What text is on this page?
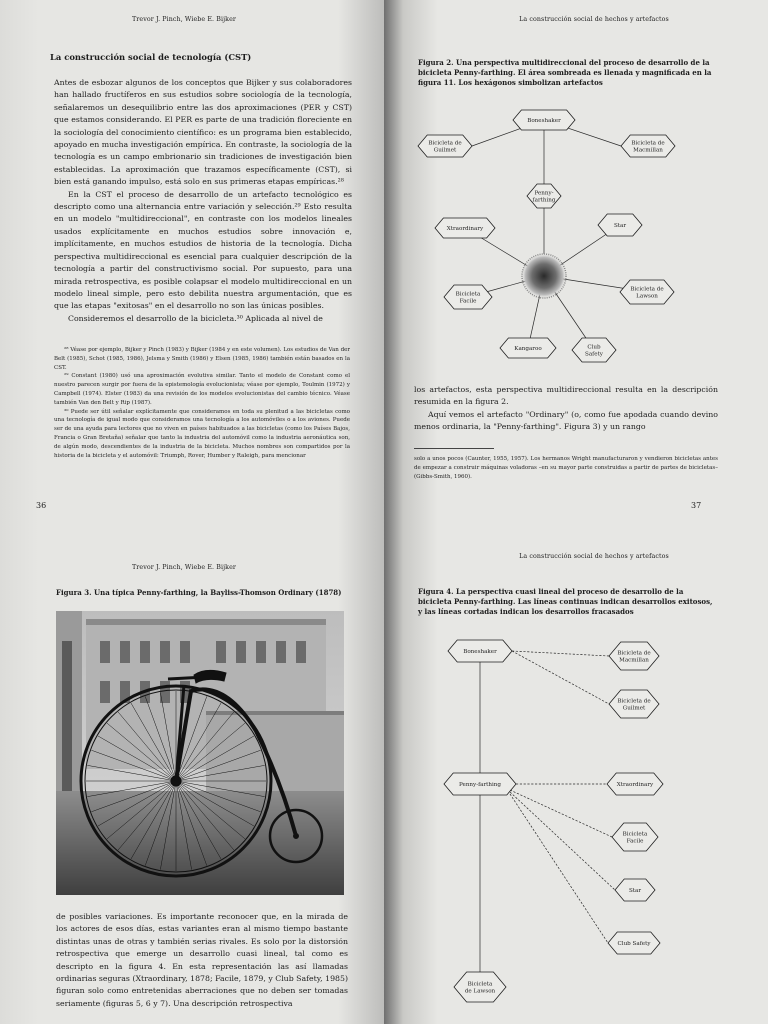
Trevor J. Pinch, Wiebe E. Bijker
La construcción social de tecnología (CST)

Antes de esbozar algunos de los conceptos que Bijker y sus colaboradores han hallado fructíferos en sus estudios sobre sociología de la tecnología, señalaremos un desequilibrio entre las dos aproximaciones (PER y CST) que estamos considerando. El PER es parte de una tradición floreciente en la sociología del conocimiento científico: es un programa bien establecido, apoyado en mucha investigación empírica. En contraste, la sociología de la tecnología es un campo embrionario sin tradiciones de investigación bien establecidas. La aproximación que trazamos específicamente (CST), si bien está ganando impulso, está solo en sus primeras etapas empíricas.²⁸

En la CST el proceso de desarrollo de un artefacto tecnológico es descripto como una alternancia entre variación y selección.²⁹ Esto resulta en un modelo "multidireccional", en contraste con los modelos lineales usados explícitamente en muchos estudios sobre innovación e, implícitamente, en muchos estudios de historia de la tecnología. Dicha perspectiva multidireccional es esencial para cualquier descripción de la tecnología a partir del constructivismo social. Por supuesto, para una mirada retrospectiva, es posible colapsar el modelo multidireccional en un modelo lineal simple, pero esto debilita nuestra argumentación, que es que las etapas "exitosas" en el desarrollo no son las únicas posibles.

Consideremos el desarrollo de la bicicleta.³⁰ Aplicada al nivel de

²⁸ Véase por ejemplo, Bijker y Pinch (1983) y Bijker (1984 y en este volumen). Los estudios de Van der Belt (1985), Schot (1985, 1986), Jelsma y Smith (1986) y Elsen (1985, 1986) también están basados en la CST.

²⁹ Constant (1980) usó una aproximación evolutiva similar. Tanto el modelo de Constant como el nuestro parecen surgir por fuera de la epistemología evolucionista; véase por ejemplo, Toulmin (1972) y Campbell (1974). Elster (1983) da una revisión de los modelos evolucionistas del cambio técnico. Véase también Van den Belt y Rip (1987).

³⁰ Puede ser útil señalar explícitamente que consideramos en toda su plenitud a las bicicletas como una tecnología de igual modo que consideramos una tecnología a los automóviles o a los aviones. Puede ser de una ayuda para lectores que no viven en países habituados a las bicicletas (como los Países Bajos, Francia o Gran Bretaña) señalar que tanto la industria del automóvil como la industria aeronáutica son, de algún modo, descendientes de la industria de la bicicleta. Muchos nombres son compartidos por la historia de la bicicleta y el automóvil: Triumph, Rover, Humber y Raleigh, para mencionar

36
La construcción social de hechos y artefactos
Figura 2. Una perspectiva multidireccional del proceso de desarrollo de la bicicleta Penny-farthing. El área sombreada es llenada y magnificada en la figura 11. Los hexágonos simbolizan artefactos
Boneshaker
Bicicleta de
Guilmet
Bicicleta de
Macmillan
Penny-
farthing
Xtraordinary	Star
Bicicleta
Facile
Bicicleta de
Lawson
Kangaroo	Club
Safety

los artefactos, esta perspectiva multidireccional resulta en la descripción resumida en la figura 2.

Aquí vemos el artefacto "Ordinary" (o, como fue apodada cuando devino menos ordinaria, la "Penny-farthing". Figura 3) y un rango

solo a unos pocos (Caunter, 1955, 1957). Los hermanos Wright manufacturaron y vendieron bicicletas antes de empezar a construir máquinas voladoras –en su mayor parte construidas a partir de partes de bicicletas– (Gibbs-Smith, 1960).
37
Trevor J. Pinch, Wiebe E. Bijker
Figura 3. Una típica Penny-farthing, la Bayliss-Thomson Ordinary (1878)

de posibles variaciones. Es importante reconocer que, en la mirada de los actores de esos días, estas variantes eran al mismo tiempo bastante distintas unas de otras y también serias rivales. Es solo por la distorsión retrospectiva que emerge un desarrollo cuasi lineal, tal como es descripto en la figura 4. En esta representación las así llamadas ordinarias seguras (Xtraordinary, 1878; Facile, 1879, y Club Safety, 1985) figuran solo como entretenidas aberraciones que no deben ser tomadas seriamente (figuras 5, 6 y 7). Una descripción retrospectiva

La construcción social de hechos y artefactos
Figura 4. La perspectiva cuasi lineal del proceso de desarrollo de la bicicleta Penny-farthing. Las líneas continuas indican desarrollos exitosos, y las líneas cortadas indican los desarrollos fracasados
Boneshaker
Penny-farthing
Bicicleta
de Lawson
Bicicleta de
Macmillan
Bicicleta de
Guilmet
Xtraordinary
Bicicleta
Facile
Star
Club Safety
